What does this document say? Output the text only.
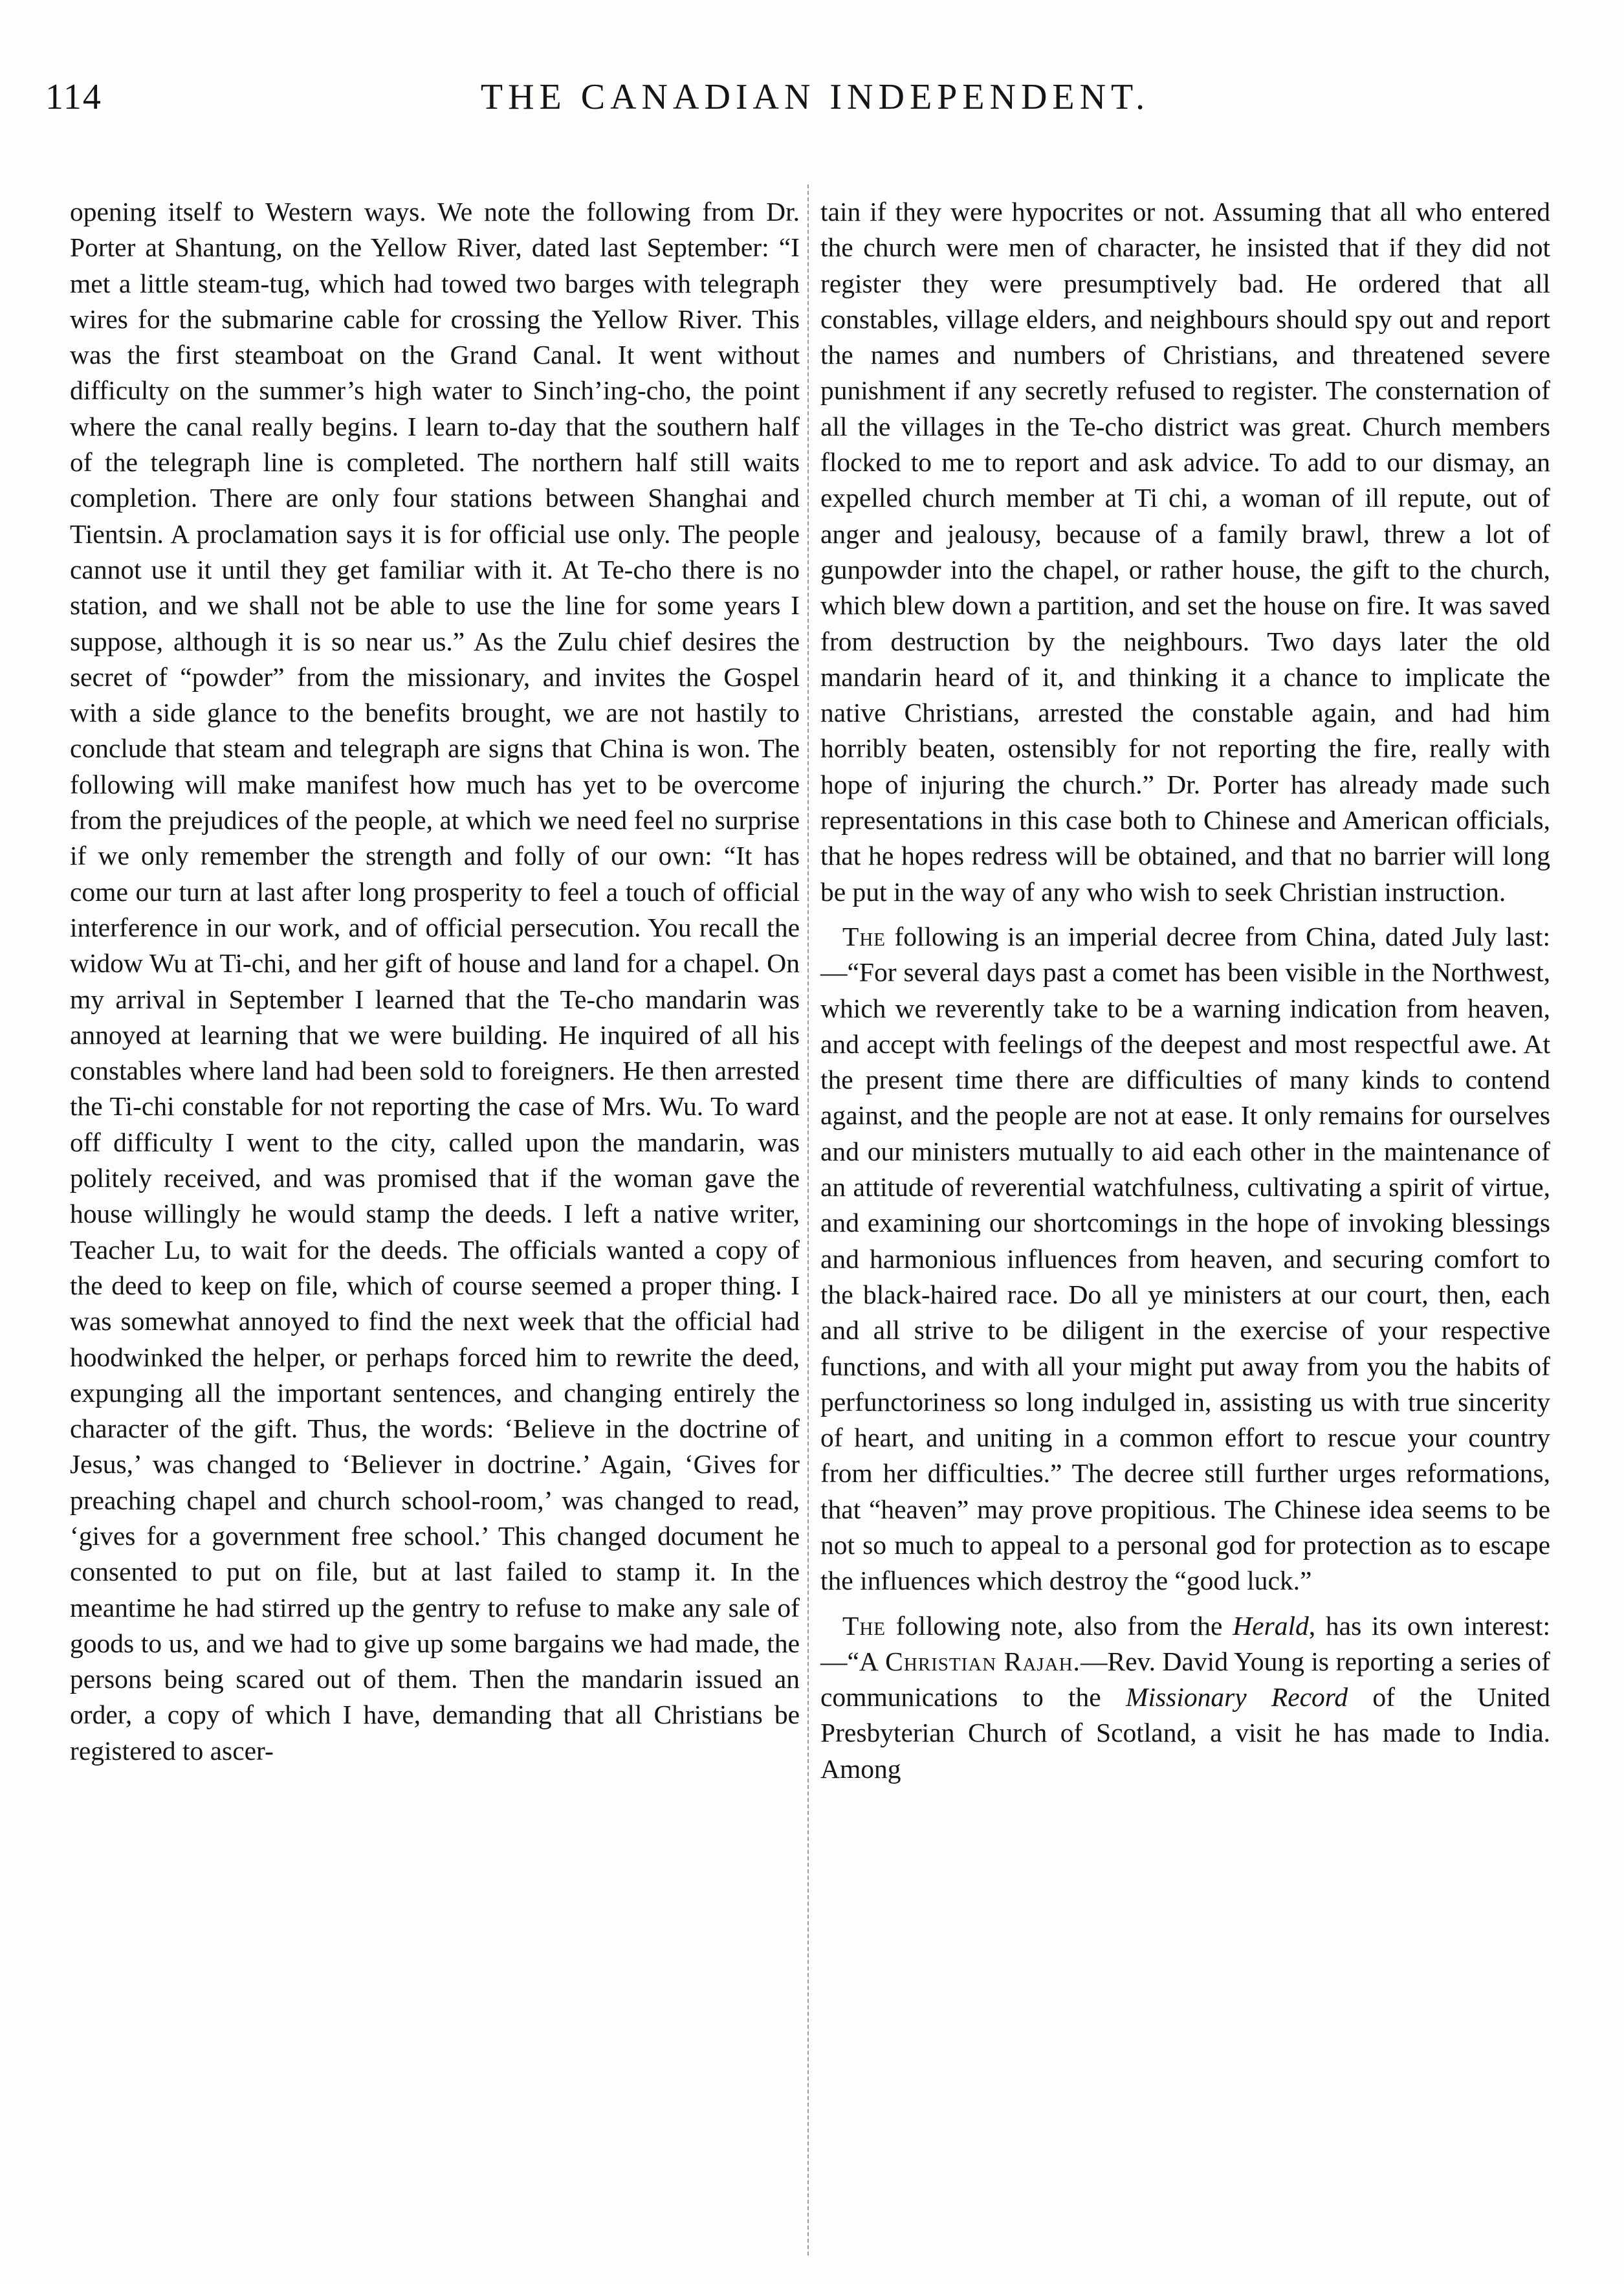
114	THE CANADIAN INDEPENDENT.

opening itself to Western ways. We note the following from Dr. Porter at Shantung, on the Yellow River, dated last September: “I met a little steam-tug, which had towed two barges with telegraph wires for the submarine cable for crossing the Yellow River. This was the first steamboat on the Grand Canal. It went without difficulty on the summer’s high water to Sinch’ing-cho, the point where the canal really begins. I learn to-day that the southern half of the telegraph line is completed. The northern half still waits completion. There are only four stations between Shanghai and Tientsin. A proclamation says it is for official use only. The people cannot use it until they get familiar with it. At Te-cho there is no station, and we shall not be able to use the line for some years I suppose, although it is so near us.” As the Zulu chief desires the secret of “powder” from the missionary, and invites the Gospel with a side glance to the benefits brought, we are not hastily to conclude that steam and telegraph are signs that China is won. The following will make manifest how much has yet to be overcome from the prejudices of the people, at which we need feel no surprise if we only remember the strength and folly of our own: “It has come our turn at last after long prosperity to feel a touch of official interference in our work, and of official persecution. You recall the widow Wu at Ti-chi, and her gift of house and land for a chapel. On my arrival in September I learned that the Te-cho mandarin was annoyed at learning that we were building. He inquired of all his constables where land had been sold to foreigners. He then arrested the Ti-chi constable for not reporting the case of Mrs. Wu. To ward off difficulty I went to the city, called upon the mandarin, was politely received, and was promised that if the woman gave the house willingly he would stamp the deeds. I left a native writer, Teacher Lu, to wait for the deeds. The officials wanted a copy of the deed to keep on file, which of course seemed a proper thing. I was somewhat annoyed to find the next week that the official had hoodwinked the helper, or perhaps forced him to rewrite the deed, expunging all the important sentences, and changing entirely the character of the gift. Thus, the words: ‘Believe in the doctrine of Jesus,’ was changed to ‘Believer in doctrine.’ Again, ‘Gives for preaching chapel and church school-room,’ was changed to read, ‘gives for a government free school.’ This changed document he consented to put on file, but at last failed to stamp it. In the meantime he had stirred up the gentry to refuse to make any sale of goods to us, and we had to give up some bargains we had made, the persons being scared out of them. Then the mandarin issued an order, a copy of which I have, demanding that all Christians be registered to ascer-

tain if they were hypocrites or not. Assuming that all who entered the church were men of character, he insisted that if they did not register they were presumptively bad. He ordered that all constables, village elders, and neighbours should spy out and report the names and numbers of Christians, and threatened severe punishment if any secretly refused to register. The consternation of all the villages in the Te-cho district was great. Church members flocked to me to report and ask advice. To add to our dismay, an expelled church member at Ti chi, a woman of ill repute, out of anger and jealousy, because of a family brawl, threw a lot of gunpowder into the chapel, or rather house, the gift to the church, which blew down a partition, and set the house on fire. It was saved from destruction by the neighbours. Two days later the old mandarin heard of it, and thinking it a chance to implicate the native Christians, arrested the constable again, and had him horribly beaten, ostensibly for not reporting the fire, really with hope of injuring the church.” Dr. Porter has already made such representations in this case both to Chinese and American officials, that he hopes redress will be obtained, and that no barrier will long be put in the way of any who wish to seek Christian instruction.

The following is an imperial decree from China, dated July last:—“For several days past a comet has been visible in the Northwest, which we reverently take to be a warning indication from heaven, and accept with feelings of the deepest and most respectful awe. At the present time there are difficulties of many kinds to contend against, and the people are not at ease. It only remains for ourselves and our ministers mutually to aid each other in the maintenance of an attitude of reverential watchfulness, cultivating a spirit of virtue, and examining our shortcomings in the hope of invoking blessings and harmonious influences from heaven, and securing comfort to the black-haired race. Do all ye ministers at our court, then, each and all strive to be diligent in the exercise of your respective functions, and with all your might put away from you the habits of perfunctoriness so long indulged in, assisting us with true sincerity of heart, and uniting in a common effort to rescue your country from her difficulties.” The decree still further urges reformations, that “heaven” may prove propitious. The Chinese idea seems to be not so much to appeal to a personal god for protection as to escape the influences which destroy the “good luck.”

The following note, also from the Herald, has its own interest:—“A Christian Rajah.—Rev. David Young is reporting a series of communications to the Missionary Record of the United Presbyterian Church of Scotland, a visit he has made to India. Among
